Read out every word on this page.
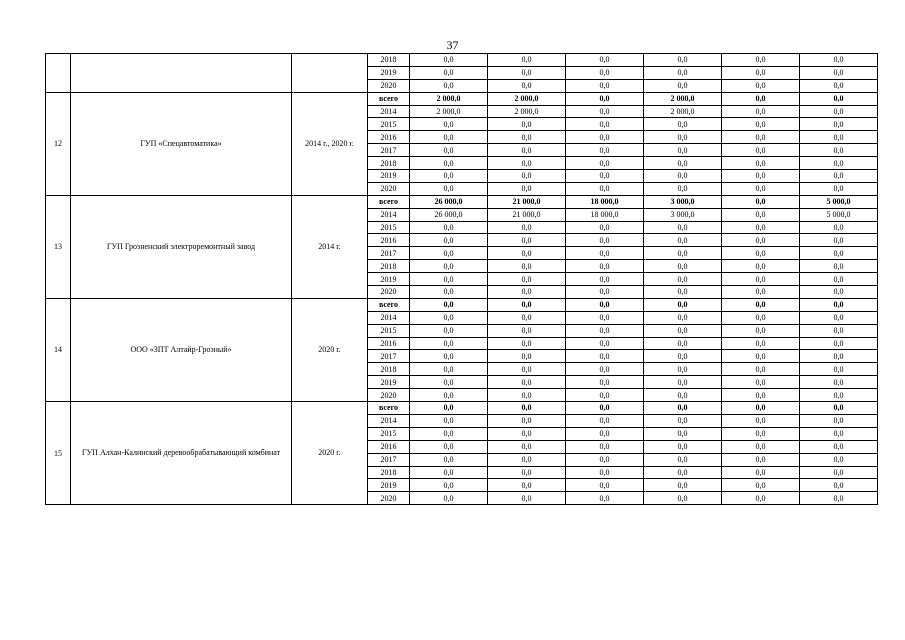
37
			2018	0,0	0,0	0,0	0,0	0,0	0,0
			2019	0,0	0,0	0,0	0,0	0,0	0,0
			2020	0,0	0,0	0,0	0,0	0,0	0,0
12	ГУП «Спецавтоматика»	2014 г., 2020 г.	всего	2 000,0	2 000,0	0,0	2 000,0	0,0	0,0
			2014	2 000,0	2 000,0	0,0	2 000,0	0,0	0,0
			2015	0,0	0,0	0,0	0,0	0,0	0,0
			2016	0,0	0,0	0,0	0,0	0,0	0,0
			2017	0,0	0,0	0,0	0,0	0,0	0,0
			2018	0,0	0,0	0,0	0,0	0,0	0,0
			2019	0,0	0,0	0,0	0,0	0,0	0,0
			2020	0,0	0,0	0,0	0,0	0,0	0,0
13	ГУП Грозненский электроремонтный завод	2014 г.	всего	26 000,0	21 000,0	18 000,0	3 000,0	0,0	5 000,0
			2014	26 000,0	21 000,0	18 000,0	3 000,0	0,0	5 000,0
			2015	0,0	0,0	0,0	0,0	0,0	0,0
			2016	0,0	0,0	0,0	0,0	0,0	0,0
			2017	0,0	0,0	0,0	0,0	0,0	0,0
			2018	0,0	0,0	0,0	0,0	0,0	0,0
			2019	0,0	0,0	0,0	0,0	0,0	0,0
			2020	0,0	0,0	0,0	0,0	0,0	0,0
14	ООО «ЗПТ Алтайр-Грозный»	2020 г.	всего	0,0	0,0	0,0	0,0	0,0	0,0
			2014	0,0	0,0	0,0	0,0	0,0	0,0
			2015	0,0	0,0	0,0	0,0	0,0	0,0
			2016	0,0	0,0	0,0	0,0	0,0	0,0
			2017	0,0	0,0	0,0	0,0	0,0	0,0
			2018	0,0	0,0	0,0	0,0	0,0	0,0
			2019	0,0	0,0	0,0	0,0	0,0	0,0
			2020	0,0	0,0	0,0	0,0	0,0	0,0
15	ГУП Алхан-Калинский деревообрабатывающий комбинат	2020 г.	всего	0,0	0,0	0,0	0,0	0,0	0,0
			2014	0,0	0,0	0,0	0,0	0,0	0,0
			2015	0,0	0,0	0,0	0,0	0,0	0,0
			2016	0,0	0,0	0,0	0,0	0,0	0,0
			2017	0,0	0,0	0,0	0,0	0,0	0,0
			2018	0,0	0,0	0,0	0,0	0,0	0,0
			2019	0,0	0,0	0,0	0,0	0,0	0,0
			2020	0,0	0,0	0,0	0,0	0,0	0,0
